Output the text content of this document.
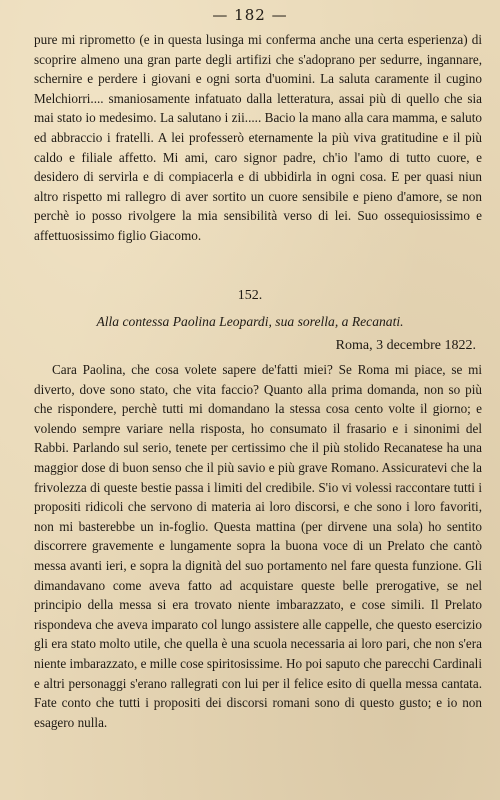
— 182 —
pure mi riprometto (e in questa lusinga mi conferma anche una certa esperienza) di scoprire almeno una gran parte degli artifizi che s'adoprano per sedurre, ingannare, schernire e perdere i giovani e ogni sorta d'uomini. La saluta caramente il cugino Melchiorri.... smaniosamente infatuato dalla letteratura, assai più di quello che sia mai stato io medesimo. La salutano i zii..... Bacio la mano alla cara mamma, e saluto ed abbraccio i fratelli. A lei professerò eternamente la più viva gratitudine e il più caldo e filiale affetto. Mi ami, caro signor padre, ch'io l'amo di tutto cuore, e desidero di servirla e di compiacerla e di ubbidirla in ogni cosa. E per quasi niun altro rispetto mi rallegro di aver sortito un cuore sensibile e pieno d'amore, se non perchè io posso rivolgere la mia sensibilità verso di lei. Suo ossequiosissimo e affettuosissimo figlio Giacomo.
152.
Alla contessa Paolina Leopardi, sua sorella, a Recanati.
Roma, 3 decembre 1822.
Cara Paolina, che cosa volete sapere de'fatti miei? Se Roma mi piace, se mi diverto, dove sono stato, che vita faccio? Quanto alla prima domanda, non so più che rispondere, perchè tutti mi domandano la stessa cosa cento volte il giorno; e volendo sempre variare nella risposta, ho consumato il frasario e i sinonimi del Rabbi. Parlando sul serio, tenete per certissimo che il più stolido Recanatese ha una maggior dose di buon senso che il più savio e più grave Romano. Assicuratevi che la frivolezza di queste bestie passa i limiti del credibile. S'io vi volessi raccontare tutti i propositi ridicoli che servono di materia ai loro discorsi, e che sono i loro favoriti, non mi basterebbe un in-foglio. Questa mattina (per dirvene una sola) ho sentito discorrere gravemente e lungamente sopra la buona voce di un Prelato che cantò messa avanti ieri, e sopra la dignità del suo portamento nel fare questa funzione. Gli dimandavano come aveva fatto ad acquistare queste belle prerogative, se nel principio della messa si era trovato niente imbarazzato, e cose simili. Il Prelato rispondeva che aveva imparato col lungo assistere alle cappelle, che questo esercizio gli era stato molto utile, che quella è una scuola necessaria ai loro pari, che non s'era niente imbarazzato, e mille cose spiritosissime. Ho poi saputo che parecchi Cardinali e altri personaggi s'erano rallegrati con lui per il felice esito di quella messa cantata. Fate conto che tutti i propositi dei discorsi romani sono di questo gusto; e io non esagero nulla.
